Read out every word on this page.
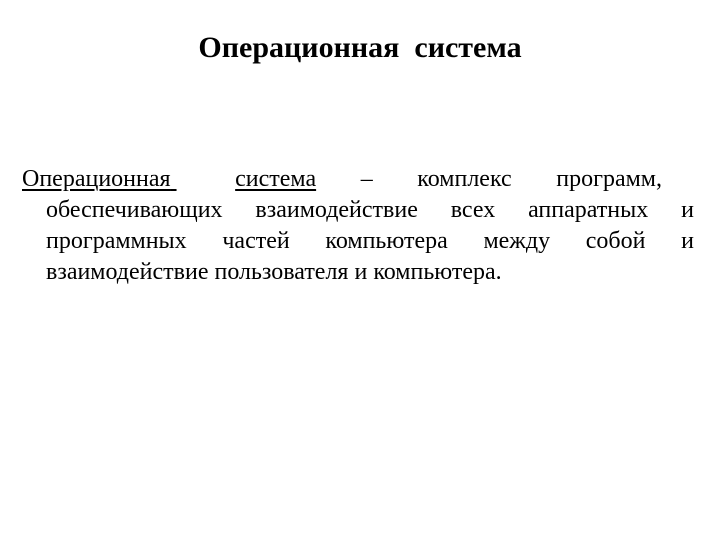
Операционная  система
Операционная	система – комплекс программ,
обеспечивающих взаимодействие всех аппаратных и
программных частей компьютера между собой и
взаимодействие пользователя и компьютера.
